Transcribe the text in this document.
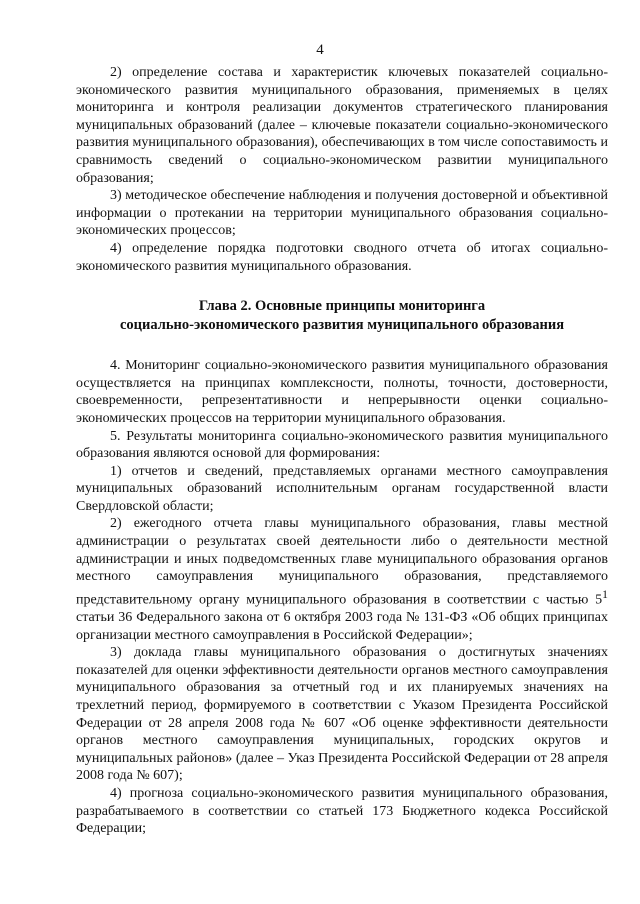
4

2) определение состава и характеристик ключевых показателей социально-экономического развития муниципального образования, применяемых в целях мониторинга и контроля реализации документов стратегического планирования муниципальных образований (далее – ключевые показатели социально-экономического развития муниципального образования), обеспечивающих в том числе сопоставимость и сравнимость сведений о социально-экономическом развитии муниципального образования;

3) методическое обеспечение наблюдения и получения достоверной и объективной информации о протекании на территории муниципального образования социально-экономических процессов;

4) определение порядка подготовки сводного отчета об итогах социально-экономического развития муниципального образования.

Глава 2. Основные принципы мониторинга
социально-экономического развития муниципального образования

4. Мониторинг социально-экономического развития муниципального образования осуществляется на принципах комплексности, полноты, точности, достоверности, своевременности, репрезентативности и непрерывности оценки социально-экономических процессов на территории муниципального образования.

5. Результаты мониторинга социально-экономического развития муниципального образования являются основой для формирования:

1) отчетов и сведений, представляемых органами местного самоуправления муниципальных образований исполнительным органам государственной власти Свердловской области;

2) ежегодного отчета главы муниципального образования, главы местной администрации о результатах своей деятельности либо о деятельности местной администрации и иных подведомственных главе муниципального образования органов местного самоуправления муниципального образования, представляемого представительному органу муниципального образования в соответствии с частью $5^1$ статьи 36 Федерального закона от 6 октября 2003 года № 131-ФЗ «Об общих принципах организации местного самоуправления в Российской Федерации»;

3) доклада главы муниципального образования о достигнутых значениях показателей для оценки эффективности деятельности органов местного самоуправления муниципального образования за отчетный год и их планируемых значениях на трехлетний период, формируемого в соответствии с Указом Президента Российской Федерации от 28 апреля 2008 года № 607 «Об оценке эффективности деятельности органов местного самоуправления муниципальных, городских округов и муниципальных районов» (далее – Указ Президента Российской Федерации от 28 апреля 2008 года № 607);

4) прогноза социально-экономического развития муниципального образования, разрабатываемого в соответствии со статьей 173 Бюджетного кодекса Российской Федерации;
